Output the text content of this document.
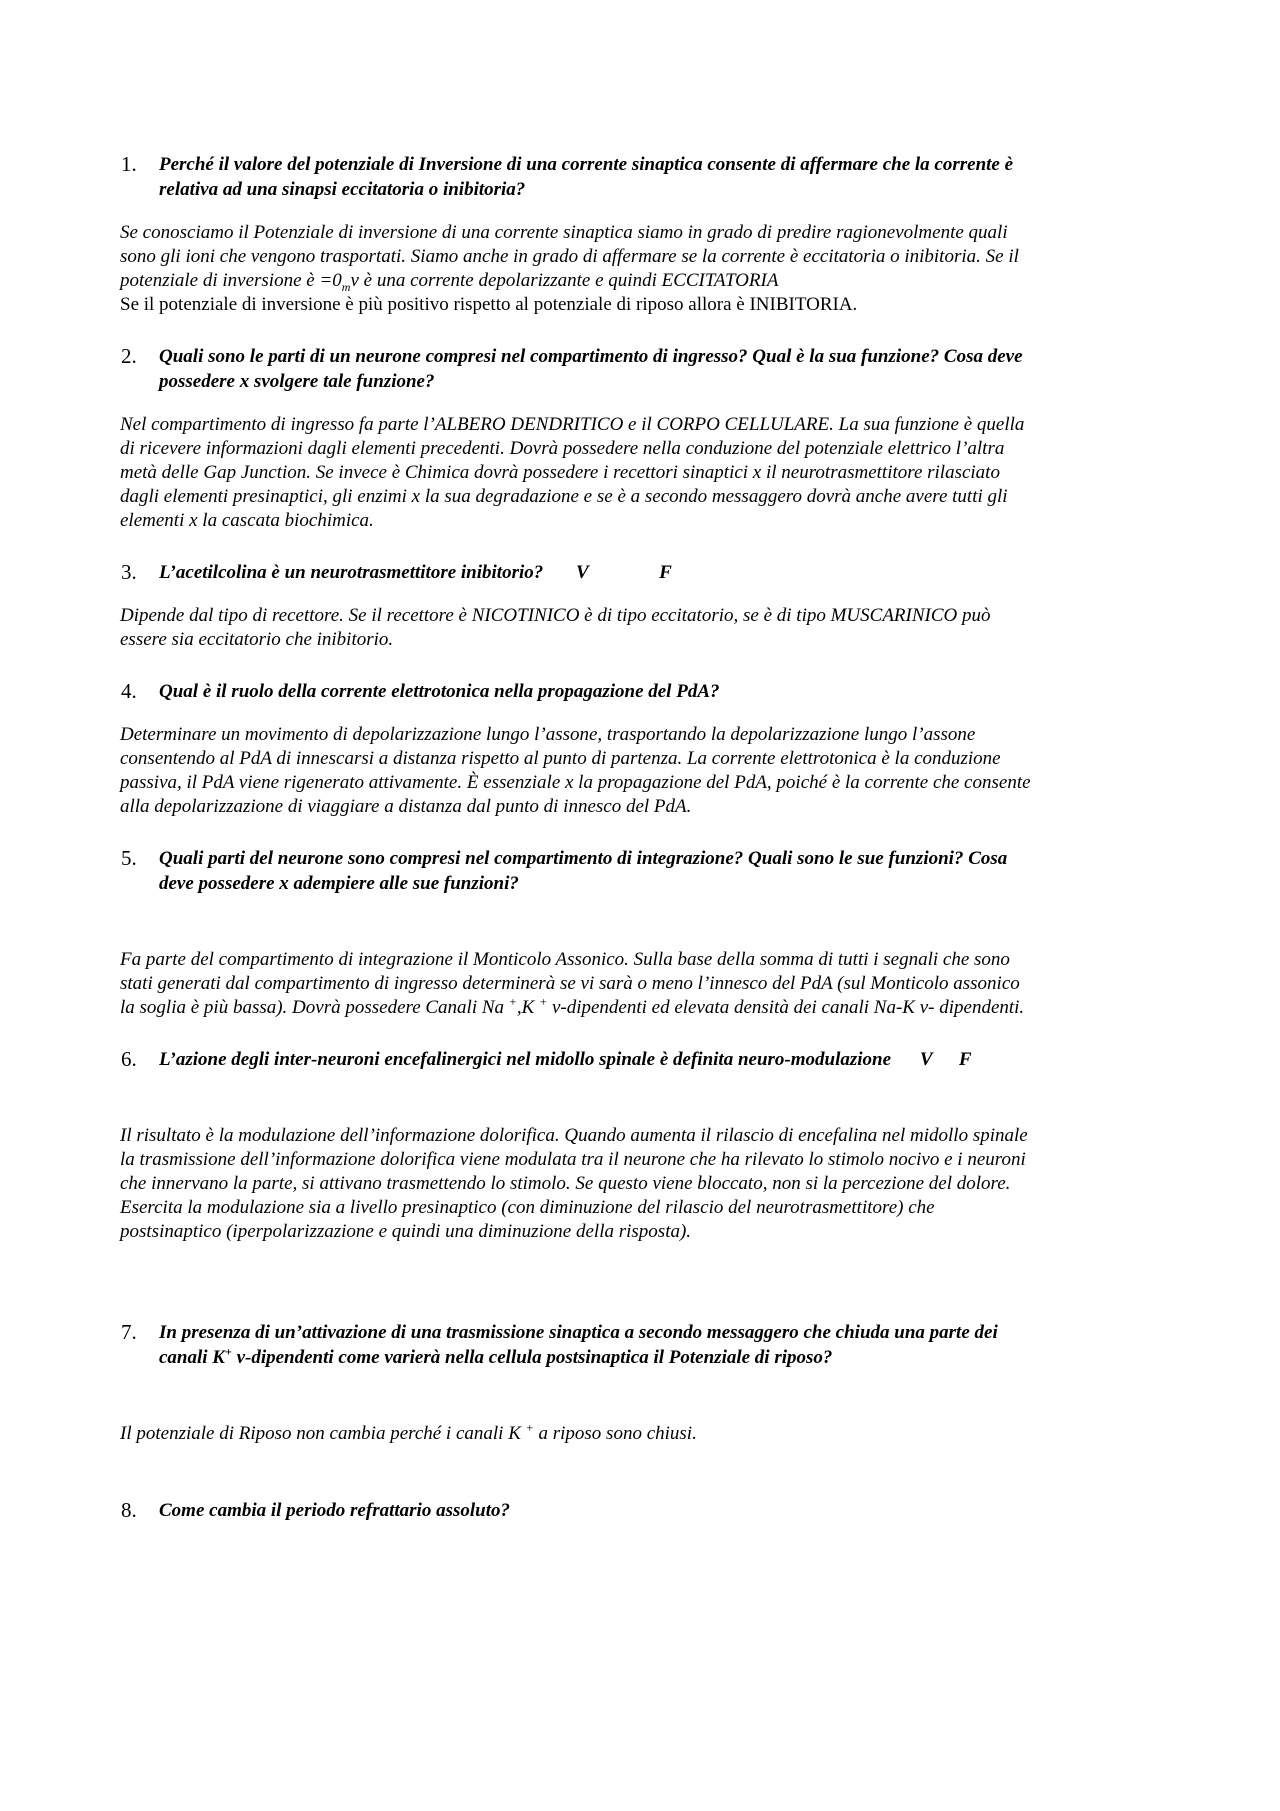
1.	Perché il valore del potenziale di Inversione di una corrente sinaptica consente di affermare che la corrente è
relativa ad una sinapsi eccitatoria o inibitoria?

Se conosciamo il Potenziale di inversione di una corrente sinaptica siamo in grado di predire ragionevolmente quali
sono gli ioni che vengono trasportati. Siamo anche in grado di affermare se la corrente è eccitatoria o inibitoria. Se il
potenziale di inversione è $=0_mv$ è una corrente depolarizzante e quindi ECCITATORIA
Se il potenziale di inversione è più positivo rispetto al potenziale di riposo allora è INIBITORIA.

2.	Quali sono le parti di un neurone compresi nel compartimento di ingresso? Qual è la sua funzione? Cosa deve
possedere x svolgere tale funzione?

Nel compartimento di ingresso fa parte l’ALBERO DENDRITICO e il CORPO CELLULARE. La sua funzione è quella
di ricevere informazioni dagli elementi precedenti. Dovrà possedere nella conduzione del potenziale elettrico l’altra
metà delle Gap Junction. Se invece è Chimica dovrà possedere i recettori sinaptici x il neurotrasmettitore rilasciato
dagli elementi presinaptici, gli enzimi x la sua degradazione e se è a secondo messaggero dovrà anche avere tutti gli
elementi x la cascata biochimica.

3.	L’acetilcolina è un neurotrasmettitore inibitorio? V	F

Dipende dal tipo di recettore. Se il recettore è NICOTINICO è di tipo eccitatorio, se è di tipo MUSCARINICO può
essere sia eccitatorio che inibitorio.

4.	Qual è il ruolo della corrente elettrotonica nella propagazione del PdA?

Determinare un movimento di depolarizzazione lungo l’assone, trasportando la depolarizzazione lungo l’assone
consentendo al PdA di innescarsi a distanza rispetto al punto di partenza. La corrente elettrotonica è la conduzione
passiva, il PdA viene rigenerato attivamente. È essenziale x la propagazione del PdA, poiché è la corrente che consente
alla depolarizzazione di viaggiare a distanza dal punto di innesco del PdA.

5.	Quali parti del neurone sono compresi nel compartimento di integrazione? Quali sono le sue funzioni? Cosa
deve possedere x adempiere alle sue funzioni?

Fa parte del compartimento di integrazione il Monticolo Assonico. Sulla base della somma di tutti i segnali che sono
stati generati dal compartimento di ingresso determinerà se vi sarà o meno l’innesco del PdA (sul Monticolo assonico
la soglia è più bassa). Dovrà possedere Canali Na +,K + v-dipendenti ed elevata densità dei canali Na-K v- dipendenti.

6.	L’azione degli inter-neuroni encefalinergici nel midollo spinale è definita neuro-modulazione V F

Il risultato è la modulazione dell’informazione dolorifica. Quando aumenta il rilascio di encefalina nel midollo spinale
la trasmissione dell’informazione dolorifica viene modulata tra il neurone che ha rilevato lo stimolo nocivo e i neuroni
che innervano la parte, si attivano trasmettendo lo stimolo. Se questo viene bloccato, non si la percezione del dolore.
Esercita la modulazione sia a livello presinaptico (con diminuzione del rilascio del neurotrasmettitore) che
postsinaptico (iperpolarizzazione e quindi una diminuzione della risposta).

7.	In presenza di un’attivazione di una trasmissione sinaptica a secondo messaggero che chiuda una parte dei
canali K+ v-dipendenti come varierà nella cellula postsinaptica il Potenziale di riposo?

Il potenziale di Riposo non cambia perché i canali K + a riposo sono chiusi.

8.	Come cambia il periodo refrattario assoluto?
